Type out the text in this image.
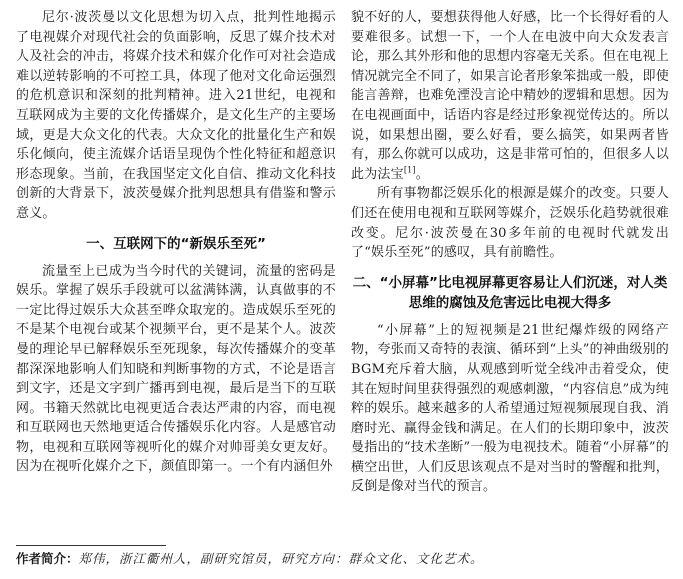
尼尔·波茨曼以文化思想为切入点，批判性地揭示了电视媒介对现代社会的负面影响，反思了媒介技术对人及社会的冲击，将媒介技术和媒介化作可对社会造成难以逆转影响的不可控工具，体现了他对文化命运强烈的危机意识和深刻的批判精神。进入21世纪，电视和互联网成为主要的文化传播媒介，是文化生产的主要场域，更是大众文化的代表。大众文化的批量化生产和娱乐化倾向，使主流媒介话语呈现伪个性化特征和超意识形态现象。当前，在我国坚定文化自信、推动文化科技创新的大背景下，波茨曼媒介批判思想具有借鉴和警示意义。

一、互联网下的“新娱乐至死”

流量至上已成为当今时代的关键词，流量的密码是娱乐。掌握了娱乐手段就可以盆满钵满，认真做事的不一定比得过娱乐大众甚至哗众取宠的。造成娱乐至死的不是某个电视台或某个视频平台，更不是某个人。波茨曼的理论早已解释娱乐至死现象，每次传播媒介的变革都深深地影响人们知晓和判断事物的方式，不论是语言到文字，还是文字到广播再到电视，最后是当下的互联网。书籍天然就比电视更适合表达严肃的内容，而电视和互联网也天然地更适合传播娱乐化内容。人是感官动物，电视和互联网等视听化的媒介对帅哥美女更友好。因为在视听化媒介之下，颜值即第一。一个有内涵但外

貌不好的人，要想获得他人好感，比一个长得好看的人要难很多。试想一下，一个人在电波中向大众发表言论，那么其外形和他的思想内容毫无关系。但在电视上情况就完全不同了，如果言论者形象笨拙或一般，即使能言善辩，也难免湮没言论中精妙的逻辑和思想。因为在电视画面中，话语内容是经过形象视觉传达的。所以说，如果想出圈，要么好看，要么搞笑，如果两者皆有，那么你就可以成功，这是非常可怕的，但很多人以此为法宝[1]。

所有事物都泛娱乐化的根源是媒介的改变。只要人们还在使用电视和互联网等媒介，泛娱乐化趋势就很难改变。尼尔·波茨曼在30多年前的电视时代就发出了“娱乐至死”的感叹，具有前瞻性。

二、“小屏幕”比电视屏幕更容易让人们沉迷，对人类思维的腐蚀及危害远比电视大得多

“小屏幕”上的短视频是21世纪爆炸级的网络产物，夸张而又奇特的表演、循环到“上头”的神曲级别的BGM充斥着大脑，从观感到听觉全线冲击着受众，使其在短时间里获得强烈的观感刺激，“内容信息”成为纯粹的娱乐。越来越多的人希望通过短视频展现自我、消磨时光、赢得金钱和满足。在人们的长期印象中，波茨曼指出的“技术垄断”一般为电视技术。随着“小屏幕”的横空出世，人们反思该观点不是对当时的警醒和批判，反倒是像对当代的预言。

作者简介：郑伟，浙江衢州人，副研究馆员，研究方向：群众文化、文化艺术。
